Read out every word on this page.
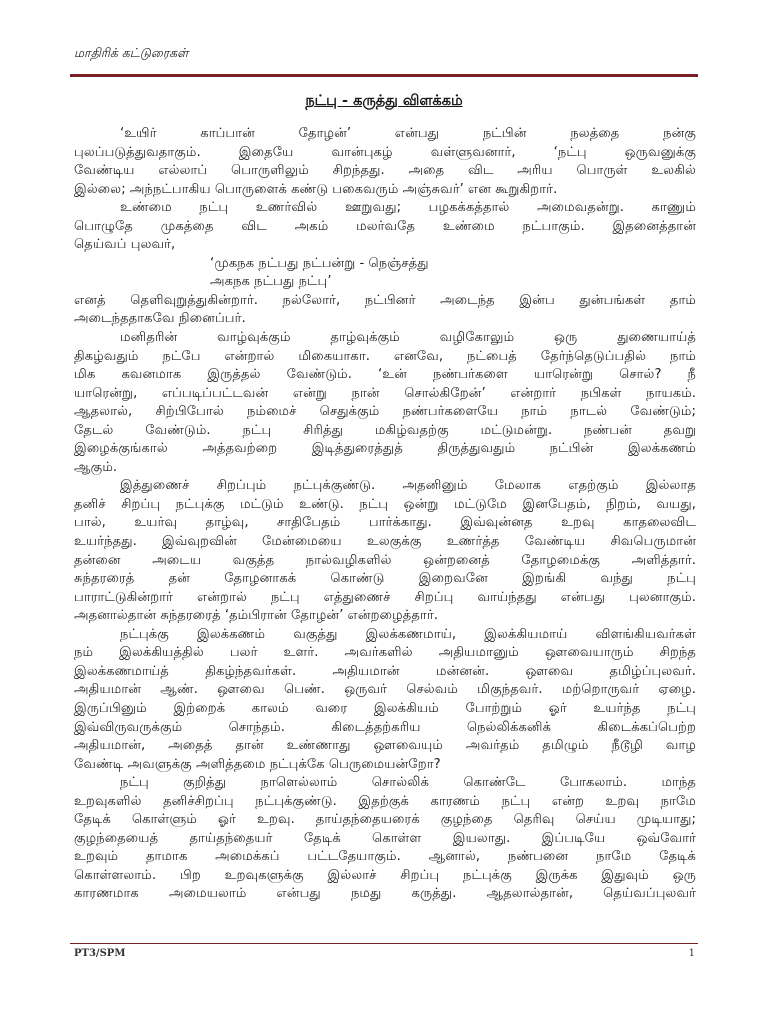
மாதிரிக் கட்டுரைகள்
நட்பு - கருத்து விளக்கம்
‘உயிர் காப்பான் தோழன்’ என்பது நட்பின் நலத்தை நன்கு
புலப்படுத்துவதாகும். இதையே வான்புகழ் வள்ளுவனார், ‘நட்பு ஒருவனுக்கு
வேண்டிய எல்லாப் பொருளிலும் சிறந்தது. அதை விட அரிய பொருள் உலகில்
இல்லை; அந்நட்பாகிய பொருளைக் கண்டு பகைவரும் அஞ்சுவர்’ என கூறுகிறார்.
உண்மை நட்பு உணர்வில் ஊறுவது; பழகக்கத்தால் அமைவதன்று. காணும்
பொழுதே முகத்தை விட அகம் மலர்வதே உண்மை நட்பாகும். இதனைத்தான்
தெய்வப் புலவர்,
‘முகநக நட்பது நட்பன்று - நெஞ்சத்து
அகநக நட்பது நட்பு’
எனத் தெளிவுறுத்துகின்றார். நல்லோர், நட்பினர் அடைந்த இன்ப துன்பங்கள் தாம்
அடைந்ததாகவே நினைப்பர்.
மனிதரின் வாழ்வுக்கும் தாழ்வுக்கும் வழிகோலும் ஒரு துணையாய்த்
திகழ்வதும் நட்பே என்றால் மிகையாகா. எனவே, நட்பைத் தேர்ந்தெடுப்பதில் நாம்
மிக கவனமாக இருத்தல் வேண்டும். ‘உன் நண்பர்களை யாரென்று சொல்? நீ
யாரென்று, எப்படிப்பட்டவன் என்று நான் சொல்கிறேன்’ என்றார் நபிகள் நாயகம்.
ஆதலால், சிற்பிபோல் நம்மைச் செதுக்கும் நண்பர்களையே நாம் நாடல் வேண்டும்;
தேடல் வேண்டும். நட்பு சிரித்து மகிழ்வதற்கு மட்டுமன்று. நண்பன் தவறு
இழைக்குங்கால் அத்தவற்றை இடித்துரைத்துத் திருத்துவதும் நட்பின் இலக்கணம்
ஆகும்.
இத்துணைச் சிறப்பும் நட்புக்குண்டு. அதனினும் மேலாக எதற்கும் இல்லாத
தனிச் சிறப்பு நட்புக்கு மட்டும் உண்டு. நட்பு ஒன்று மட்டுமே இனபேதம், நிறம், வயது,
பால், உயர்வு தாழ்வு, சாதிபேதம் பார்க்காது. இவ்வுன்னத உறவு காதலைவிட
உயர்ந்தது. இவ்வுறவின் மேன்மையை உலகுக்கு உணர்த்த வேண்டிய சிவபெருமான்
தன்னை அடைய வகுத்த நால்வழிகளில் ஒன்றனைத் தோழமைக்கு அளித்தார்.
சுந்தரரைத் தன் தோழனாகக் கொண்டு இறைவனே இறங்கி வந்து நட்பு
பாராட்டுகின்றார் என்றால் நட்பு எத்துணைச் சிறப்பு வாய்ந்தது என்பது புலனாகும்.
அதனால்தான் சுந்தரரைத் ‘தம்பிரான் தோழன்’ என்றழைத்தார்.
நட்புக்கு இலக்கணம் வகுத்து இலக்கணமாய், இலக்கியமாய் விளங்கியவர்கள்
நம் இலக்கியத்தில் பலர் உளர். அவர்களில் அதியமானும் ஔவையாரும் சிறந்த
இலக்கணமாய்த் திகழ்ந்தவர்கள். அதியமான் மன்னன். ஔவை தமிழ்ப்புலவர்.
அதியமான் ஆண். ஔவை பெண். ஒருவர் செல்வம் மிகுந்தவர். மற்றொருவர் ஏழை.
இருப்பினும் இற்றைக் காலம் வரை இலக்கியம் போற்றும் ஓர் உயர்ந்த நட்பு
இவ்விருவருக்கும் சொந்தம். கிடைத்தற்கரிய நெல்லிக்கனிக் கிடைக்கப்பெற்ற
அதியமான், அதைத் தான் உண்ணாது ஔவையும் அவர்தம் தமிழும் நீடூழி வாழ
வேண்டி அவளுக்கு அளித்தமை நட்புக்கே பெருமையன்றோ?
நட்பு குறித்து நாளெல்லாம் சொல்லிக் கொண்டே போகலாம். மாந்த
உறவுகளில் தனிச்சிறப்பு நட்புக்குண்டு. இதற்குக் காரணம் நட்பு என்ற உறவு நாமே
தேடிக் கொள்ளும் ஓர் உறவு. தாய்தந்தையரைக் குழந்தை தெரிவு செய்ய முடியாது;
குழந்தையைத் தாய்தந்தையர் தேடிக் கொள்ள இயலாது. இப்படியே ஒவ்வோர்
உறவும் தாமாக அமைக்கப் பட்டதேயாகும். ஆனால், நண்பனை நாமே தேடிக்
கொள்ளலாம். பிற உறவுகளுக்கு இல்லாச் சிறப்பு நட்புக்கு இருக்க இதுவும் ஒரு
காரணமாக அமையலாம் என்பது நமது கருத்து. ஆதலால்தான், தெய்வப்புலவர்
PT3/SPM	1
